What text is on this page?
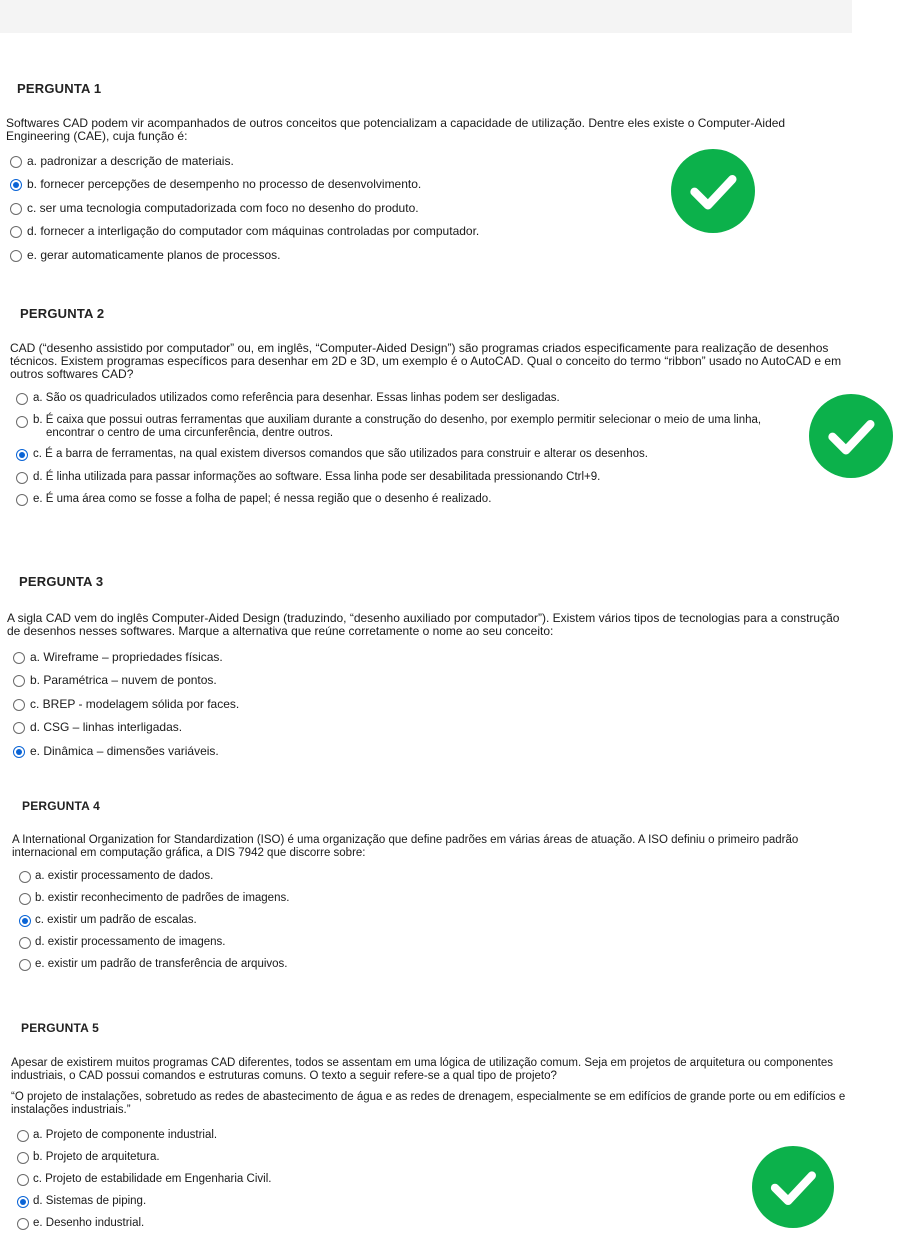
PERGUNTA 1
Softwares CAD podem vir acompanhados de outros conceitos que potencializam a capacidade de utilização. Dentre eles existe o Computer-Aided Engineering (CAE), cuja função é:
a. padronizar a descrição de materiais.
b. fornecer percepções de desempenho no processo de desenvolvimento.
c. ser uma tecnologia computadorizada com foco no desenho do produto.
d. fornecer a interligação do computador com máquinas controladas por computador.
e. gerar automaticamente planos de processos.
PERGUNTA 2
CAD (“desenho assistido por computador” ou, em inglês, “Computer-Aided Design”) são programas criados especificamente para realização de desenhos técnicos. Existem programas específicos para desenhar em 2D e 3D, um exemplo é o AutoCAD. Qual o conceito do termo “ribbon” usado no AutoCAD e em outros softwares CAD?
a. São os quadriculados utilizados como referência para desenhar. Essas linhas podem ser desligadas.
b. É caixa que possui outras ferramentas que auxiliam durante a construção do desenho, por exemplo permitir selecionar o meio de uma linha,
encontrar o centro de uma circunferência, dentre outros.
c. É a barra de ferramentas, na qual existem diversos comandos que são utilizados para construir e alterar os desenhos.
d. É linha utilizada para passar informações ao software. Essa linha pode ser desabilitada pressionando Ctrl+9.
e. É uma área como se fosse a folha de papel; é nessa região que o desenho é realizado.
PERGUNTA 3
A sigla CAD vem do inglês Computer-Aided Design (traduzindo, “desenho auxiliado por computador”). Existem vários tipos de tecnologias para a construção de desenhos nesses softwares. Marque a alternativa que reúne corretamente o nome ao seu conceito:
a. Wireframe – propriedades físicas.
b. Paramétrica – nuvem de pontos.
c. BREP - modelagem sólida por faces.
d. CSG – linhas interligadas.
e. Dinâmica – dimensões variáveis.
PERGUNTA 4
A International Organization for Standardization (ISO) é uma organização que define padrões em várias áreas de atuação. A ISO definiu o primeiro padrão internacional em computação gráfica, a DIS 7942 que discorre sobre:
a. existir processamento de dados.
b. existir reconhecimento de padrões de imagens.
c. existir um padrão de escalas.
d. existir processamento de imagens.
e. existir um padrão de transferência de arquivos.
PERGUNTA 5
Apesar de existirem muitos programas CAD diferentes, todos se assentam em uma lógica de utilização comum. Seja em projetos de arquitetura ou componentes industriais, o CAD possui comandos e estruturas comuns. O texto a seguir refere-se a qual tipo de projeto?
“O projeto de instalações, sobretudo as redes de abastecimento de água e as redes de drenagem, especialmente se em edifícios de grande porte ou em edifícios e instalações industriais.”
a. Projeto de componente industrial.
b. Projeto de arquitetura.
c. Projeto de estabilidade em Engenharia Civil.
d. Sistemas de piping.
e. Desenho industrial.
